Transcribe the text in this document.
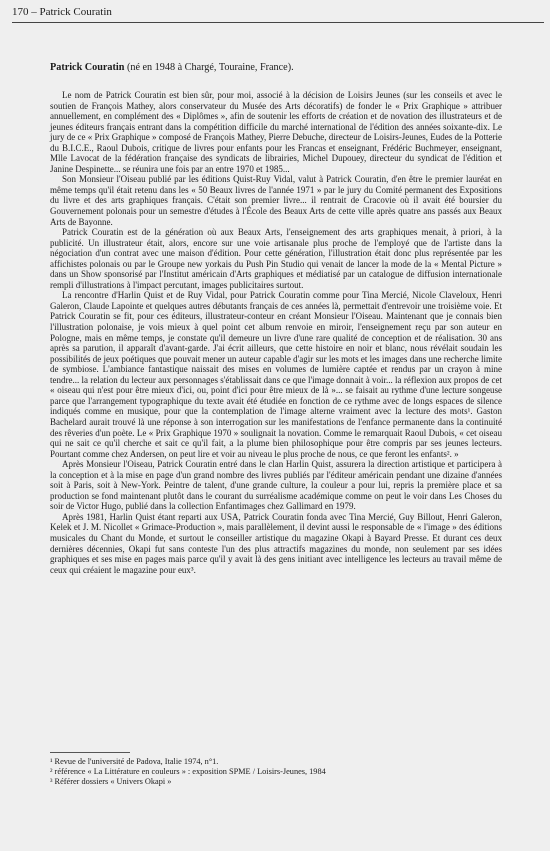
170 – Patrick Couratin
Patrick Couratin (né en 1948 à Chargé, Touraine, France).

Le nom de Patrick Couratin est bien sûr, pour moi, associé à la décision de Loisirs Jeunes (sur les conseils et avec le soutien de François Mathey, alors conservateur du Musée des Arts décoratifs) de fonder le « Prix Graphique » attribuer annuellement, en complément des « Diplômes », afin de soutenir les efforts de création et de novation des illustrateurs et de jeunes éditeurs français entrant dans la compétition difficile du marché international de l'édition des années soixante-dix. Le jury de ce « Prix Graphique » composé de François Mathey, Pierre Debuche, directeur de Loisirs-Jeunes, Eudes de la Potterie du B.I.C.E., Raoul Dubois, critique de livres pour enfants pour les Francas et enseignant, Frédéric Buchmeyer, enseignant, Mlle Lavocat de la fédération française des syndicats de librairies, Michel Dupouey, directeur du syndicat de l'édition et Janine Despinette... se réunira une fois par an entre 1970 et 1985...

Son Monsieur l'Oiseau publié par les éditions Quist-Ruy Vidal, valut à Patrick Couratin, d'en être le premier lauréat en même temps qu'il était retenu dans les « 50 Beaux livres de l'année 1971 » par le jury du Comité permanent des Expositions du livre et des arts graphiques français. C'était son premier livre... il rentrait de Cracovie où il avait été boursier du Gouvernement polonais pour un semestre d'études à l'École des Beaux Arts de cette ville après quatre ans passés aux Beaux Arts de Bayonne.

Patrick Couratin est de la génération où aux Beaux Arts, l'enseignement des arts graphiques menait, à priori, à la publicité. Un illustrateur était, alors, encore sur une voie artisanale plus proche de l'employé que de l'artiste dans la négociation d'un contrat avec une maison d'édition. Pour cette génération, l'illustration était donc plus représentée par les affichistes polonais ou par le Groupe new yorkais du Push Pin Studio qui venait de lancer la mode de la « Mental Picture » dans un Show sponsorisé par l'Institut américain d'Arts graphiques et médiatisé par un catalogue de diffusion internationale rempli d'illustrations à l'impact percutant, images publicitaires surtout.

La rencontre d'Harlin Quist et de Ruy Vidal, pour Patrick Couratin comme pour Tina Mercié, Nicole Claveloux, Henri Galeron, Claude Lapointe et quelques autres débutants français de ces années là, permettait d'entrevoir une troisième voie. Et Patrick Couratin se fit, pour ces éditeurs, illustrateur-conteur en créant Monsieur l'Oiseau. Maintenant que je connais bien l'illustration polonaise, je vois mieux à quel point cet album renvoie en miroir, l'enseignement reçu par son auteur en Pologne, mais en même temps, je constate qu'il demeure un livre d'une rare qualité de conception et de réalisation. 30 ans après sa parution, il apparaît d'avant-garde. J'ai écrit ailleurs, que cette histoire en noir et blanc, nous révélait soudain les possibilités de jeux poétiques que pouvait mener un auteur capable d'agir sur les mots et les images dans une recherche limite de symbiose. L'ambiance fantastique naissait des mises en volumes de lumière captée et rendus par un crayon à mine tendre... la relation du lecteur aux personnages s'établissait dans ce que l'image donnait à voir... la réflexion aux propos de cet « oiseau qui n'est pour être mieux d'ici, ou, point d'ici pour être mieux de là »... se faisait au rythme d'une lecture songeuse parce que l'arrangement typographique du texte avait été étudiée en fonction de ce rythme avec de longs espaces de silence indiqués comme en musique, pour que la contemplation de l'image alterne vraiment avec la lecture des mots¹. Gaston Bachelard aurait trouvé là une réponse à son interrogation sur les manifestations de l'enfance permanente dans la continuité des rêveries d'un poète. Le « Prix Graphique 1970 » soulignait la novation. Comme le remarquait Raoul Dubois, « cet oiseau qui ne sait ce qu'il cherche et sait ce qu'il fait, a la plume bien philosophique pour être compris par ses jeunes lecteurs. Pourtant comme chez Andersen, on peut lire et voir au niveau le plus proche de nous, ce que feront les enfants². »

Après Monsieur l'Oiseau, Patrick Couratin entré dans le clan Harlin Quist, assurera la direction artistique et participera à la conception et à la mise en page d'un grand nombre des livres publiés par l'éditeur américain pendant une dizaine d'années soit à Paris, soit à New-York. Peintre de talent, d'une grande culture, la couleur a pour lui, repris la première place et sa production se fond maintenant plutôt dans le courant du surréalisme académique comme on peut le voir dans Les Choses du soir de Victor Hugo, publié dans la collection Enfantimages chez Gallimard en 1979.

Après 1981, Harlin Quist étant reparti aux USA, Patrick Couratin fonda avec Tina Mercié, Guy Billout, Henri Galeron, Kelek et J. M. Nicollet « Grimace-Production », mais parallèlement, il devint aussi le responsable de « l'image » des éditions musicales du Chant du Monde, et surtout le conseiller artistique du magazine Okapi à Bayard Presse. Et durant ces deux dernières décennies, Okapi fut sans conteste l'un des plus attractifs magazines du monde, non seulement par ses idées graphiques et ses mise en pages mais parce qu'il y avait là des gens initiant avec intelligence les lecteurs au travail même de ceux qui créaient le magazine pour eux³.

¹ Revue de l'université de Padova, Italie 1974, n°1.
² référence « La Littérature en couleurs » : exposition SPME / Loisirs-Jeunes, 1984
³ Référer dossiers « Univers Okapi »
